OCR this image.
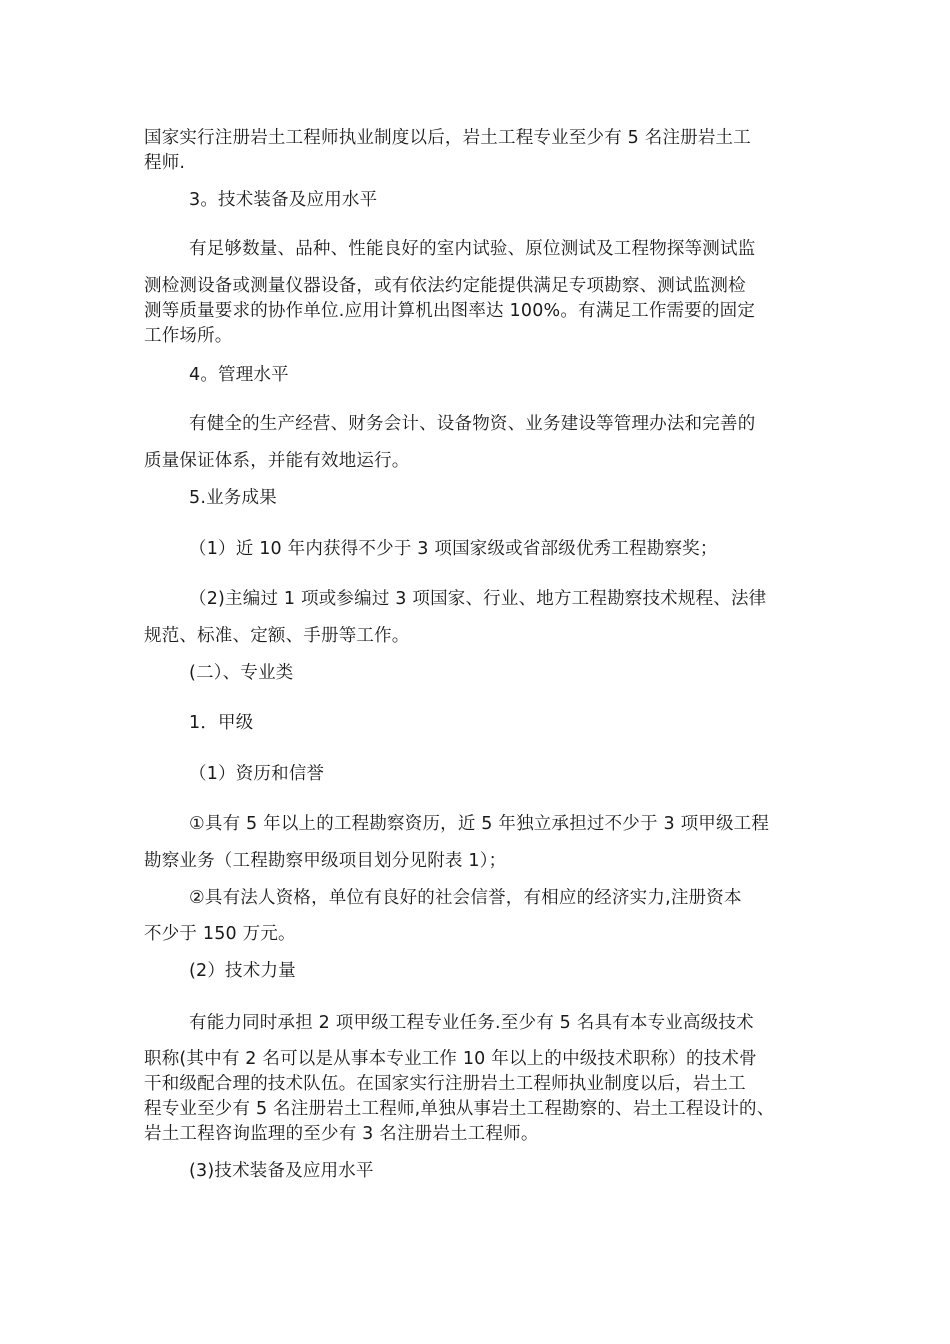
国家实行注册岩土工程师执业制度以后，岩土工程专业至少有 5 名注册岩土工
程师.
3。技术装备及应用水平
有足够数量、品种、性能良好的室内试验、原位测试及工程物探等测试监
测检测设备或测量仪器设备，或有依法约定能提供满足专项勘察、测试监测检
测等质量要求的协作单位.应用计算机出图率达 100%。有满足工作需要的固定
工作场所。
4。管理水平
有健全的生产经营、财务会计、设备物资、业务建设等管理办法和完善的
质量保证体系，并能有效地运行。
5.业务成果
（1）近 10 年内获得不少于 3 项国家级或省部级优秀工程勘察奖；
（2)主编过 1 项或参编过 3 项国家、行业、地方工程勘察技术规程、法律
规范、标准、定额、手册等工作。
(二）、专业类
1．甲级
（1）资历和信誉
①具有 5 年以上的工程勘察资历，近 5 年独立承担过不少于 3 项甲级工程
勘察业务（工程勘察甲级项目划分见附表 1）；
②具有法人资格，单位有良好的社会信誉，有相应的经济实力,注册资本
不少于 150 万元。
(2）技术力量
有能力同时承担 2 项甲级工程专业任务.至少有 5 名具有本专业高级技术
职称(其中有 2 名可以是从事本专业工作 10 年以上的中级技术职称）的技术骨
干和级配合理的技术队伍。在国家实行注册岩土工程师执业制度以后，岩土工
程专业至少有 5 名注册岩土工程师,单独从事岩土工程勘察的、岩土工程设计的、
岩土工程咨询监理的至少有 3 名注册岩土工程师。
(3)技术装备及应用水平
